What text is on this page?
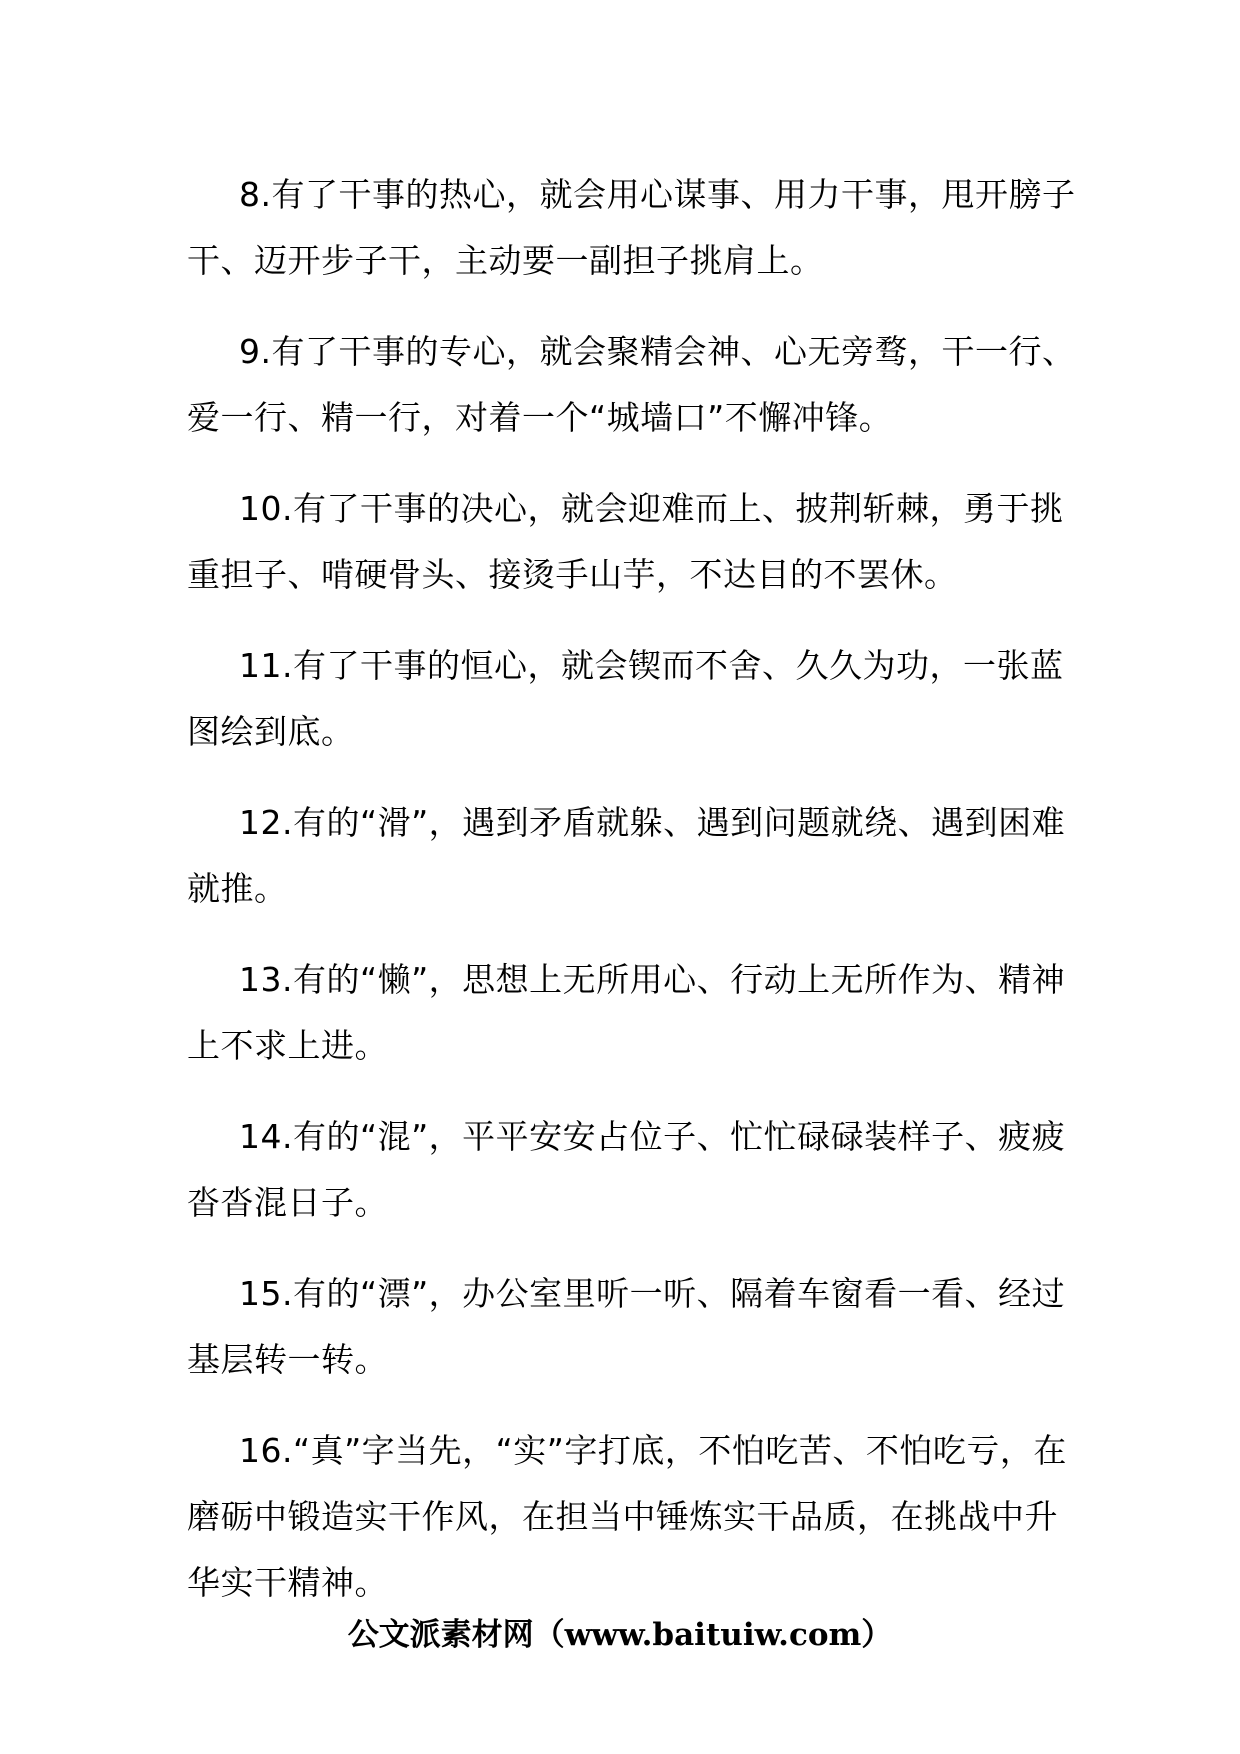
8.有了干事的热心，就会用心谋事、用力干事，甩开膀子干、迈开步子干，主动要一副担子挑肩上。

9.有了干事的专心，就会聚精会神、心无旁骛，干一行、爱一行、精一行，对着一个“城墙口”不懈冲锋。

10.有了干事的决心，就会迎难而上、披荆斩棘，勇于挑重担子、啃硬骨头、接烫手山芋，不达目的不罢休。

11.有了干事的恒心，就会锲而不舍、久久为功，一张蓝图绘到底。

12.有的“滑”，遇到矛盾就躲、遇到问题就绕、遇到困难就推。

13.有的“懒”，思想上无所用心、行动上无所作为、精神上不求上进。

14.有的“混”，平平安安占位子、忙忙碌碌装样子、疲疲沓沓混日子。

15.有的“漂”，办公室里听一听、隔着车窗看一看、经过基层转一转。

16.“真”字当先，“实”字打底，不怕吃苦、不怕吃亏，在磨砺中锻造实干作风，在担当中锤炼实干品质，在挑战中升华实干精神。

公文派素材网（www.baituiw.com）
